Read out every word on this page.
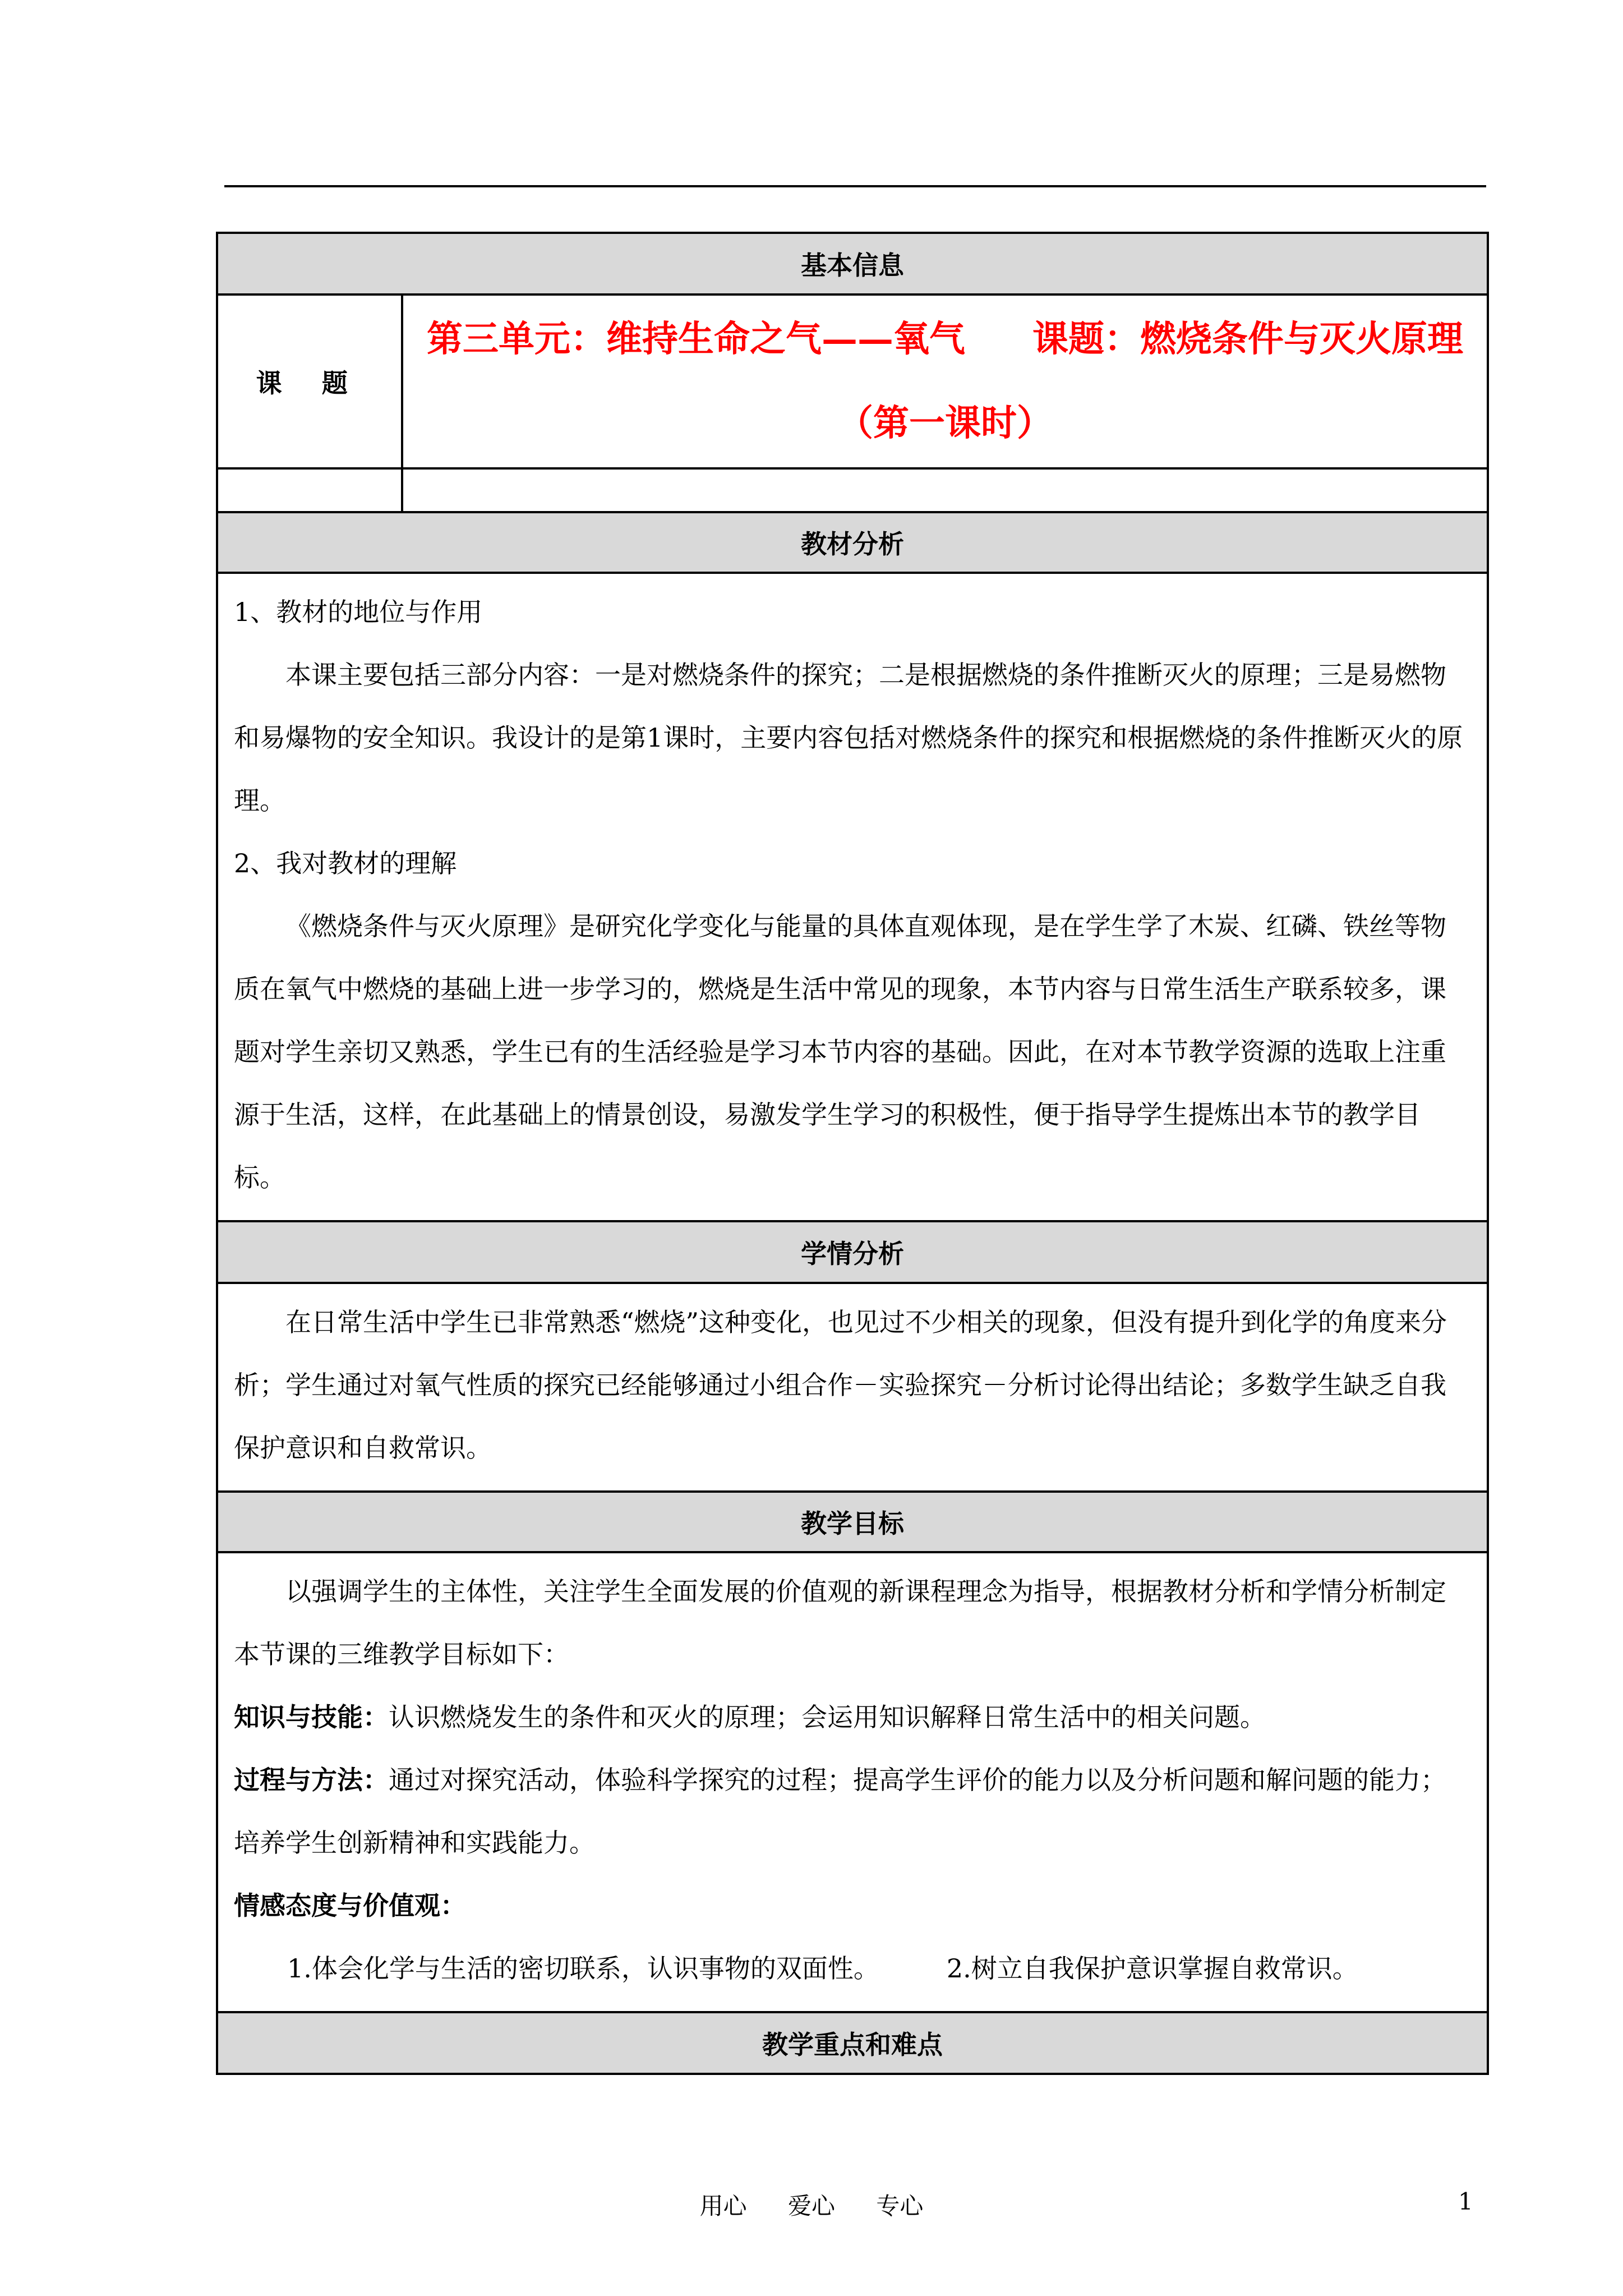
基本信息	
课 题	第三单元：维持生命之气——氧气 课题：燃烧条件与灭火原理（第一课时）

教材分析	

1、教材的地位与作用

本课主要包括三部分内容：一是对燃烧条件的探究；二是根据燃烧的条件推断灭火的原理；三是易燃物和易爆物的安全知识。我设计的是第1课时，主要内容包括对燃烧条件的探究和根据燃烧的条件推断灭火的原理。

2、我对教材的理解

《燃烧条件与灭火原理》是研究化学变化与能量的具体直观体现，是在学生学了木炭、红磷、铁丝等物质在氧气中燃烧的基础上进一步学习的，燃烧是生活中常见的现象，本节内容与日常生活生产联系较多，课题对学生亲切又熟悉，学生已有的生活经验是学习本节内容的基础。因此，在对本节教学资源的选取上注重源于生活，这样，在此基础上的情景创设，易激发学生学习的积极性，便于指导学生提炼出本节的教学目标。	

学情分析	

在日常生活中学生已非常熟悉“燃烧”这种变化，也见过不少相关的现象，但没有提升到化学的角度来分析；学生通过对氧气性质的探究已经能够通过小组合作－实验探究－分析讨论得出结论；多数学生缺乏自我保护意识和自救常识。	

教学目标	

以强调学生的主体性，关注学生全面发展的价值观的新课程理念为指导，根据教材分析和学情分析制定本节课的三维教学目标如下：

知识与技能：认识燃烧发生的条件和灭火的原理；会运用知识解释日常生活中的相关问题。

过程与方法：通过对探究活动，体验科学探究的过程；提高学生评价的能力以及分析问题和解问题的能力；培养学生创新精神和实践能力。

情感态度与价值观：

1.体会化学与生活的密切联系，认识事物的双面性。 2.树立自我保护意识掌握自救常识。	

教学重点和难点	
用心 爱心 专心	1
